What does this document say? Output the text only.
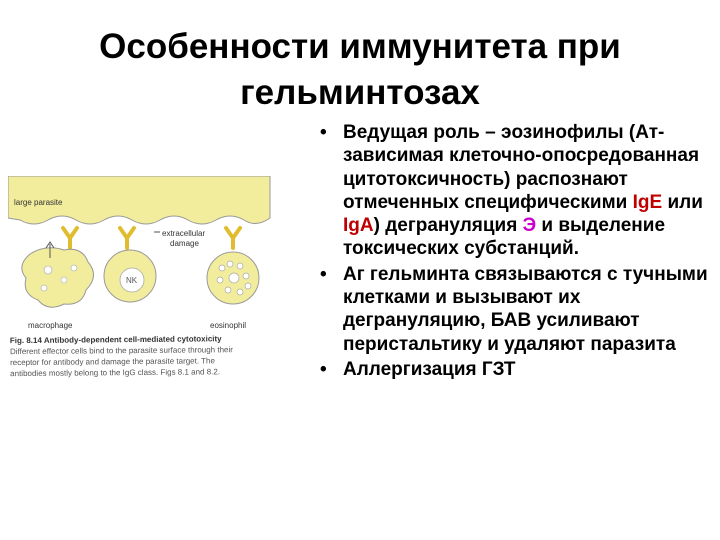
Особенности иммунитета при
гельминтозах
large parasite
NK
extracellular
damage
macrophage	eosinophil
Fig. 8.14 Antibody-dependent cell-mediated cytotoxicity
Different effector cells bind to the parasite surface through their
receptor for antibody and damage the parasite target. The
antibodies mostly belong to the IgG class. Figs 8.1 and 8.2.
• Ведущая роль – эозинофилы (Ат-зависимая клеточно-опосредованная цитотоксичность) распознают отмеченных специфическими IgE или IgA) дегрануляция Э и выделение токсических субстанций.
• Аг гельминта связываются с тучными клетками и вызывают их дегрануляцию, БАВ усиливают перистальтику и удаляют паразита
• Аллергизация ГЗТ
